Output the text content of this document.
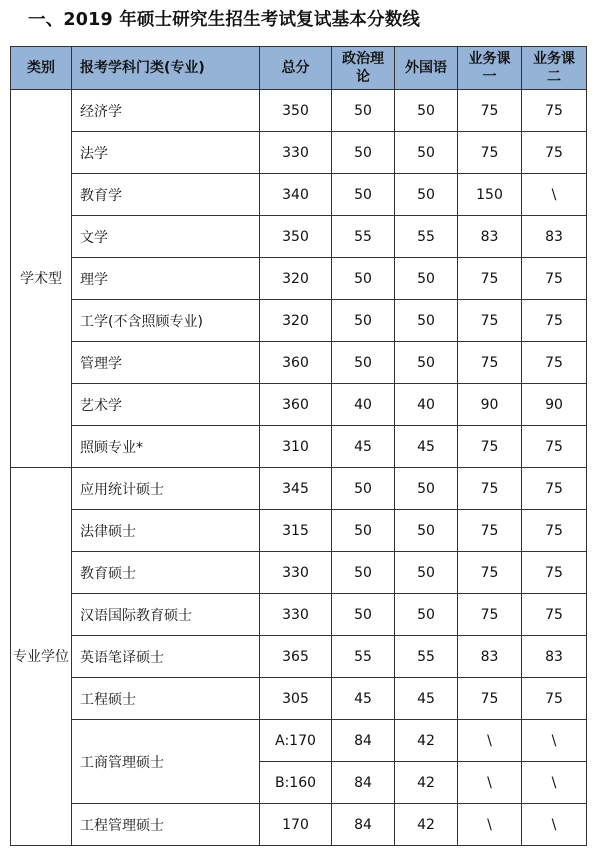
一、2019 年硕士研究生招生考试复试基本分数线
类别	报考学科门类(专业)	总分	政治理论	外国语	业务课一	业务课二

学术型	经济学	350	50	50	75	75
	法学	330	50	50	75	75
	教育学	340	50	50	150	\
	文学	350	55	55	83	83
	理学	320	50	50	75	75
	工学(不含照顾专业)	320	50	50	75	75
	管理学	360	50	50	75	75
	艺术学	360	40	40	90	90
	照顾专业*	310	45	45	75	75
专业学位	应用统计硕士	345	50	50	75	75
	法律硕士	315	50	50	75	75
	教育硕士	330	50	50	75	75
	汉语国际教育硕士	330	50	50	75	75
	英语笔译硕士	365	55	55	83	83
	工程硕士	305	45	45	75	75
	工商管理硕士	A:170	84	42	\	\
		B:160	84	42	\	\
	工程管理硕士	170	84	42	\	\
